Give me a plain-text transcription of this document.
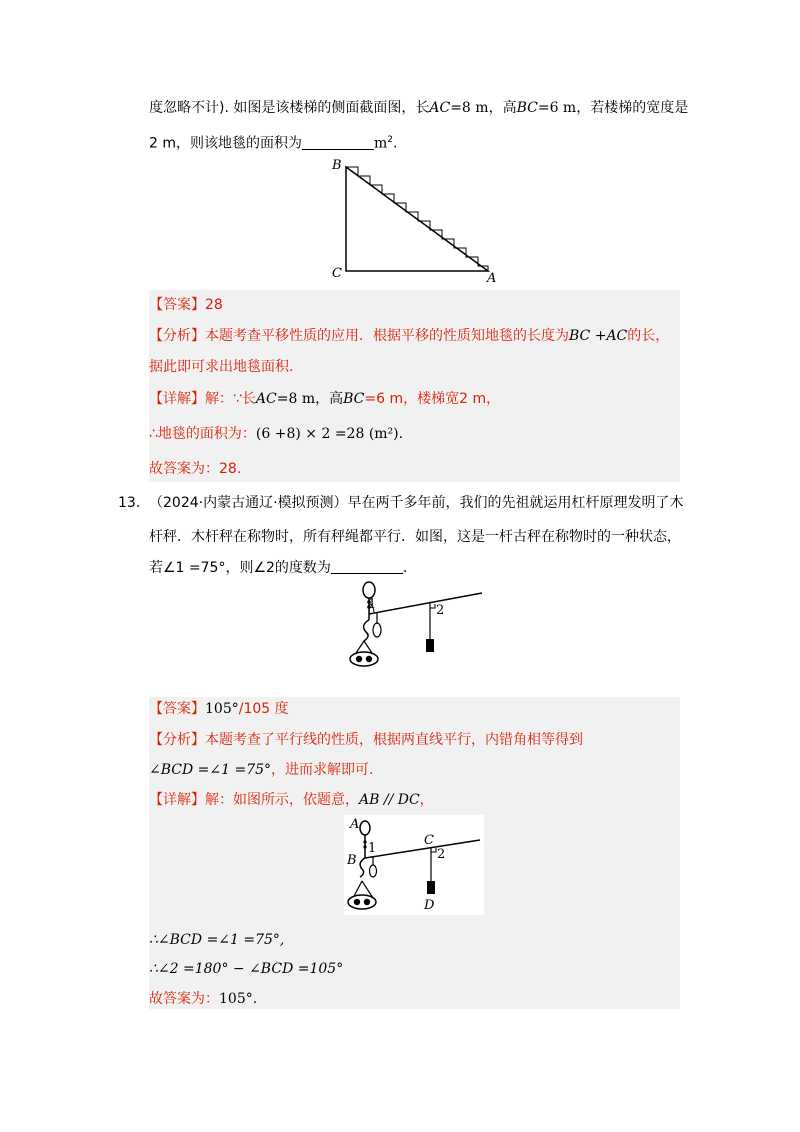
度忽略不计). 如图是该楼梯的侧面截面图，长AC=8 m，高BC=6 m，若楼梯的宽度是
2 m，则该地毯的面积为	$m^2$.
B
C	A
【答案】28
【分析】本题考查平移性质的应用．根据平移的性质知地毯的长度为BC +AC的长，
据此即可求出地毯面积.
【详解】解：∵长AC=8 m，高BC=6 m，楼梯宽2 m，
∴地毯的面积为：(6 +8) × 2 =28 (m²).
故答案为：28.
13. （2024·内蒙古通辽·模拟预测）早在两千多年前，我们的先祖就运用杠杆原理发明了木
杆秤．木杆秤在称物时，所有秤绳都平行．如图，这是一杆古秤在称物时的一种状态，
若∠1 =75°，则∠2的度数为	.
1	2
【答案】105°/105 度
【分析】本题考查了平行线的性质，根据两直线平行，内错角相等得到
∠BCD =∠1 =75°，进而求解即可.
【详解】解：如图所示，依题意，AB // DC，
A
B
C
D
1	2
∴∠BCD =∠1 =75°,
∴∠2 =180° − ∠BCD =105°
故答案为：105°.
